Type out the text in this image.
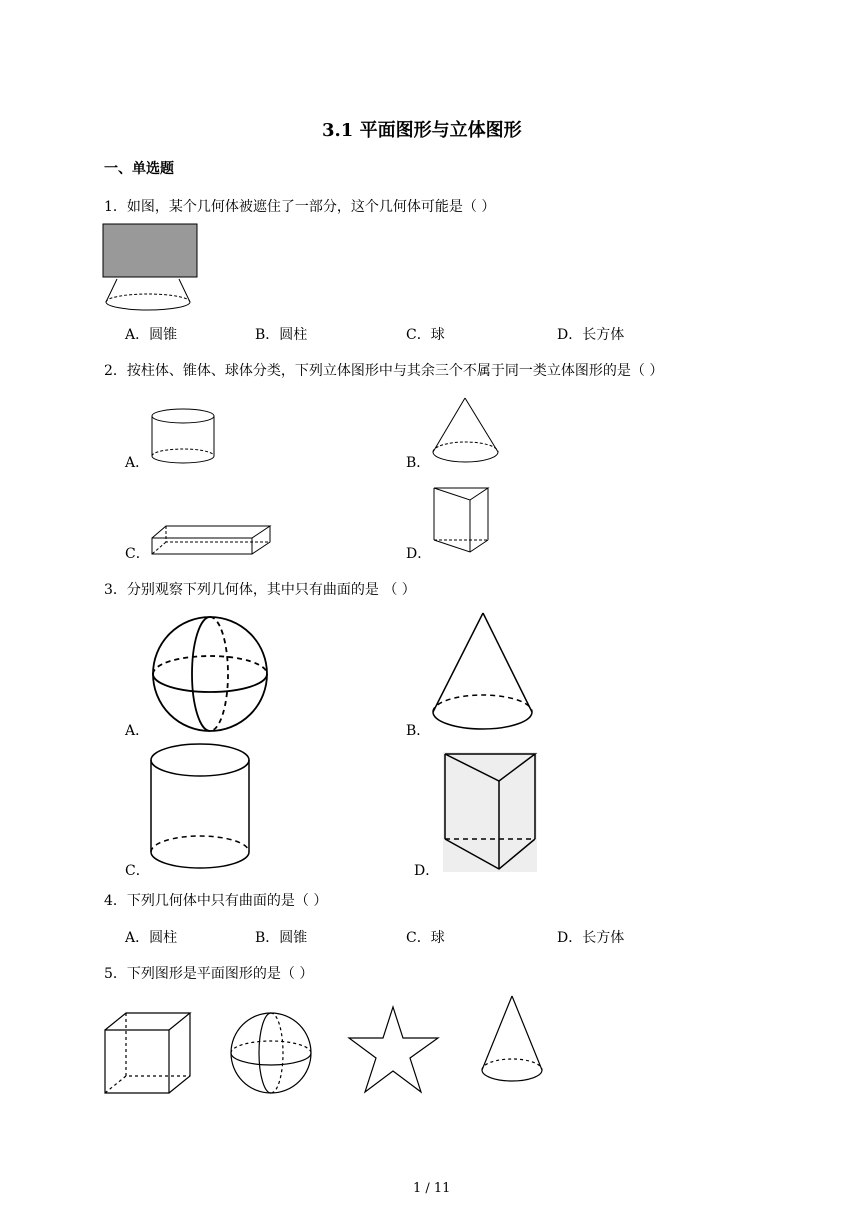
3.1 平面图形与立体图形
一、单选题
1．如图，某个几何体被遮住了一部分，这个几何体可能是（ ）
A．圆锥	B．圆柱	C．球	D．长方体
2．按柱体、锥体、球体分类，下列立体图形中与其余三个不属于同一类立体图形的是（ ）
A．	B．
C．	D．
3．分别观察下列几何体，其中只有曲面的是 （ ）
A．	B．
C．	D．
4．下列几何体中只有曲面的是（ ）
A．圆柱	B．圆锥	C．球	D．长方体
5．下列图形是平面图形的是（ ）
1 / 11
